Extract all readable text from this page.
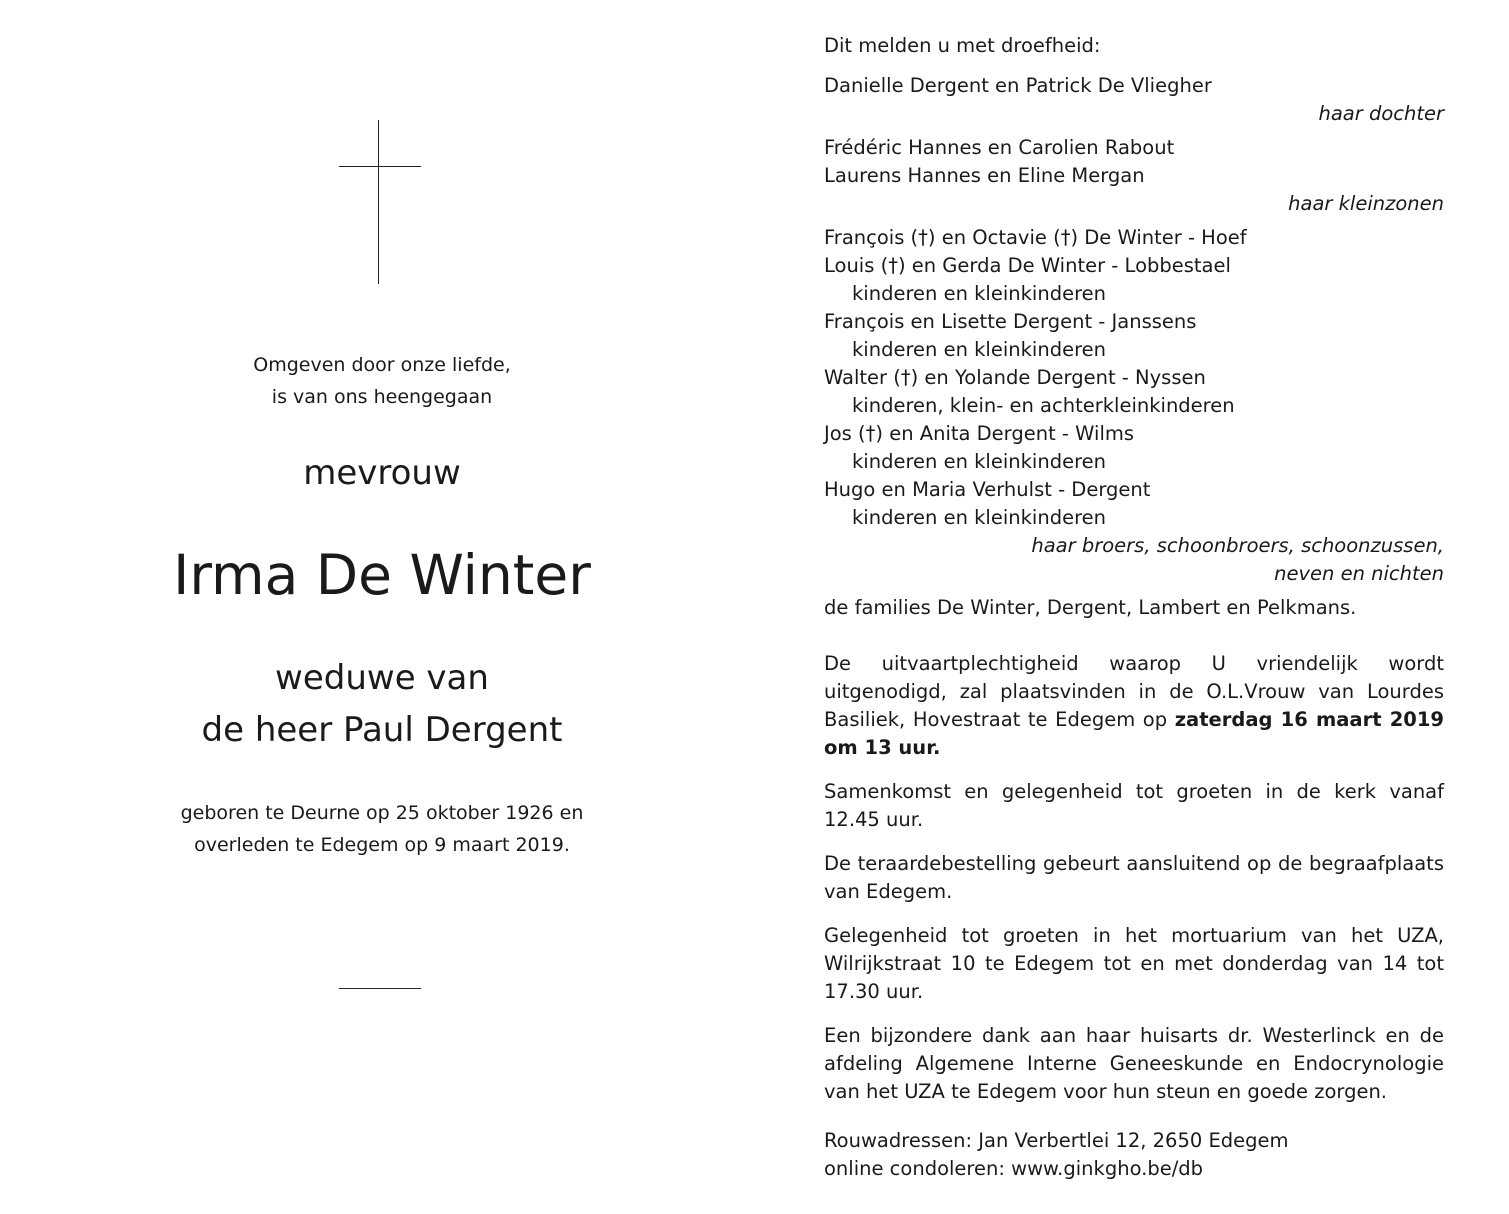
Omgeven door onze liefde,
is van ons heengegaan
mevrouw
Irma De Winter
weduwe van
de heer Paul Dergent
geboren te Deurne op 25 oktober 1926 en
overleden te Edegem op 9 maart 2019.
Dit melden u met droefheid:
Danielle Dergent en Patrick De Vliegher
haar dochter
Frédéric Hannes en Carolien Rabout
Laurens Hannes en Eline Mergan
haar kleinzonen
François (†) en Octavie (†) De Winter - Hoef
Louis (†) en Gerda De Winter - Lobbestael
kinderen en kleinkinderen
François en Lisette Dergent - Janssens
kinderen en kleinkinderen
Walter (†) en Yolande Dergent - Nyssen
kinderen, klein- en achterkleinkinderen
Jos (†) en Anita Dergent - Wilms
kinderen en kleinkinderen
Hugo en Maria Verhulst - Dergent
kinderen en kleinkinderen
haar broers, schoonbroers, schoonzussen,
neven en nichten
de families De Winter, Dergent, Lambert en Pelkmans.
De uitvaartplechtigheid waarop U vriendelijk wordt uitgenodigd, zal plaatsvinden in de O.L.Vrouw van Lourdes Basiliek, Hovestraat te Edegem op zaterdag 16 maart 2019 om 13 uur.
Samenkomst en gelegenheid tot groeten in de kerk vanaf 12.45 uur.
De teraardebestelling gebeurt aansluitend op de begraafplaats van Edegem.
Gelegenheid tot groeten in het mortuarium van het UZA, Wilrijkstraat 10 te Edegem tot en met donderdag van 14 tot 17.30 uur.
Een bijzondere dank aan haar huisarts dr. Westerlinck en de afdeling Algemene Interne Geneeskunde en Endocrynologie van het UZA te Edegem voor hun steun en goede zorgen.
Rouwadressen: Jan Verbertlei 12, 2650 Edegem
online condoleren: www.ginkgho.be/db
